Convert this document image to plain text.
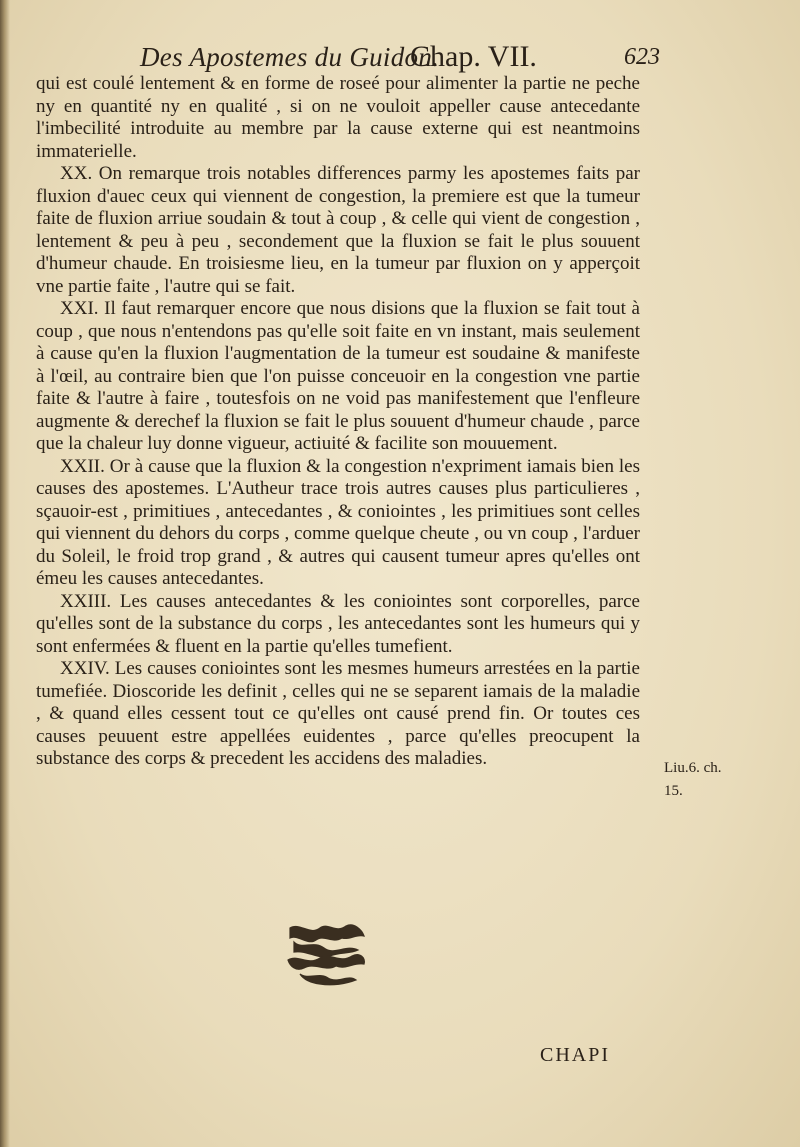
Des Apostemes du Guidon.
Chap. VII.	623

qui est coulé lentement & en forme de roseé pour alimenter la partie ne peche ny en quantité ny en qualité , si on ne vouloit appeller cause antecedante l'imbecilité introduite au membre par la cause externe qui est neantmoins immaterielle.

XX. On remarque trois notables differences parmy les apostemes faits par fluxion d'auec ceux qui viennent de congestion, la premiere est que la tumeur faite de fluxion arriue soudain & tout à coup , & celle qui vient de congestion , lentement & peu à peu , secondement que la fluxion se fait le plus souuent d'humeur chaude. En troisiesme lieu, en la tumeur par fluxion on y apperçoit vne partie faite , l'autre qui se fait.

XXI. Il faut remarquer encore que nous disions que la fluxion se fait tout à coup , que nous n'entendons pas qu'elle soit faite en vn instant, mais seulement à cause qu'en la fluxion l'augmentation de la tumeur est soudaine & manifeste à l'œil, au contraire bien que l'on puisse conceuoir en la congestion vne partie faite & l'autre à faire , toutesfois on ne void pas manifestement que l'enfleure augmente & derechef la fluxion se fait le plus souuent d'humeur chaude , parce que la chaleur luy donne vigueur, actiuité & facilite son mouuement.

XXII. Or à cause que la fluxion & la congestion n'expriment iamais bien les causes des apostemes. L'Autheur trace trois autres causes plus particulieres , sçauoir-est , primitiues , antecedantes , & coniointes , les primitiues sont celles qui viennent du dehors du corps , comme quelque cheute , ou vn coup , l'arduer du Soleil, le froid trop grand , & autres qui causent tumeur apres qu'elles ont émeu les causes antecedantes.

XXIII. Les causes antecedantes & les coniointes sont corporelles, parce qu'elles sont de la substance du corps , les antecedantes sont les humeurs qui y sont enfermées & fluent en la partie qu'elles tumefient.

XXIV. Les causes coniointes sont les mesmes humeurs arrestées en la partie tumefiée. Dioscoride les definit , celles qui ne se separent iamais de la maladie , & quand elles cessent tout ce qu'elles ont causé prend fin. Or toutes ces causes peuuent estre appellées euidentes , parce qu'elles preocupent la substance des corps & precedent les accidens des maladies.	Liu.6. ch.
15.
CHAPI
